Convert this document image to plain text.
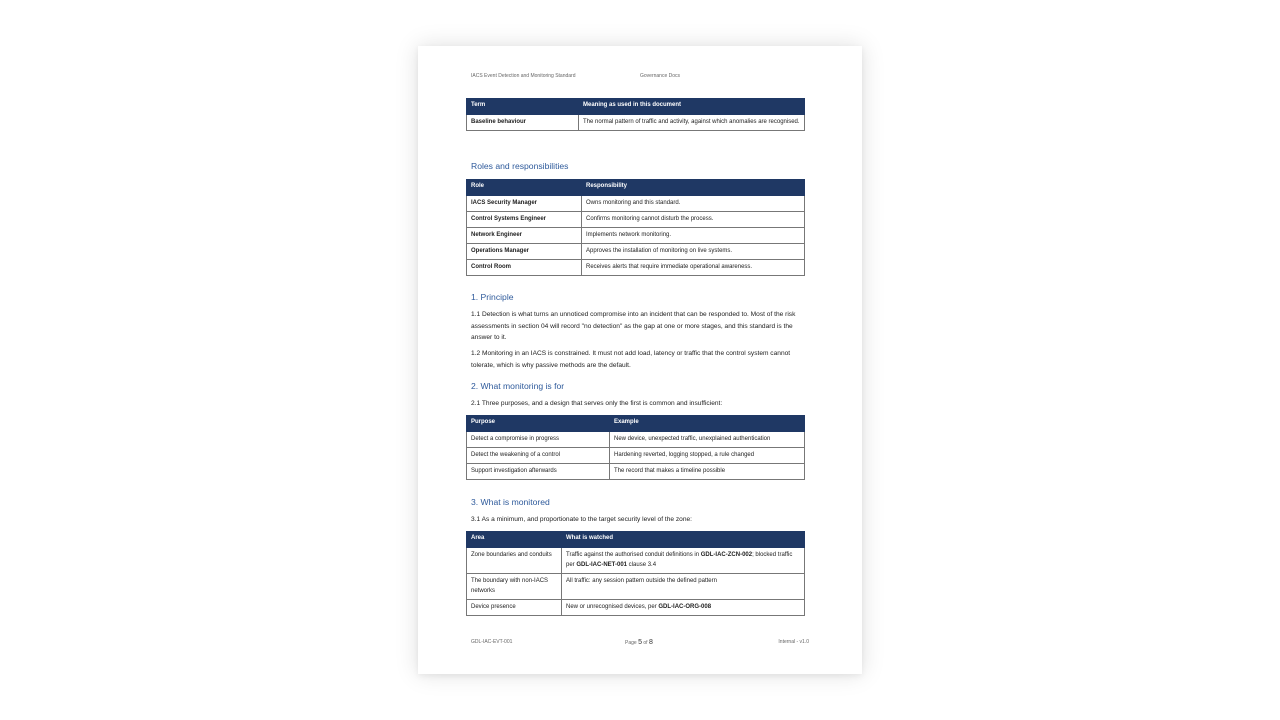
IACS Event Detection and Monitoring Standard	Governance Docs
Term	Meaning as used in this document
Baseline behaviour	The normal pattern of traffic and activity, against which anomalies are recognised.
Roles and responsibilities
Role	Responsibility
IACS Security Manager	Owns monitoring and this standard.
Control Systems Engineer	Confirms monitoring cannot disturb the process.
Network Engineer	Implements network monitoring.
Operations Manager	Approves the installation of monitoring on live systems.
Control Room	Receives alerts that require immediate operational awareness.
1. Principle
1.1 Detection is what turns an unnoticed compromise into an incident that can be responded to. Most of the risk assessments in section 04 will record "no detection" as the gap at one or more stages, and this standard is the answer to it.
1.2 Monitoring in an IACS is constrained. It must not add load, latency or traffic that the control system cannot tolerate, which is why passive methods are the default.
2. What monitoring is for
2.1 Three purposes, and a design that serves only the first is common and insufficient:
Purpose	Example
Detect a compromise in progress	New device, unexpected traffic, unexplained authentication
Detect the weakening of a control	Hardening reverted, logging stopped, a rule changed
Support investigation afterwards	The record that makes a timeline possible
3. What is monitored
3.1 As a minimum, and proportionate to the target security level of the zone:
Area	What is watched
Zone boundaries and conduits	Traffic against the authorised conduit definitions in GDL-IAC-ZCN-002; blocked traffic per GDL-IAC-NET-001 clause 3.4
The boundary with non-IACS networks	All traffic: any session pattern outside the defined pattern
Device presence	New or unrecognised devices, per GDL-IAC-ORG-008
GDL-IAC-EVT-001	Page 5 of 8	Internal - v1.0
